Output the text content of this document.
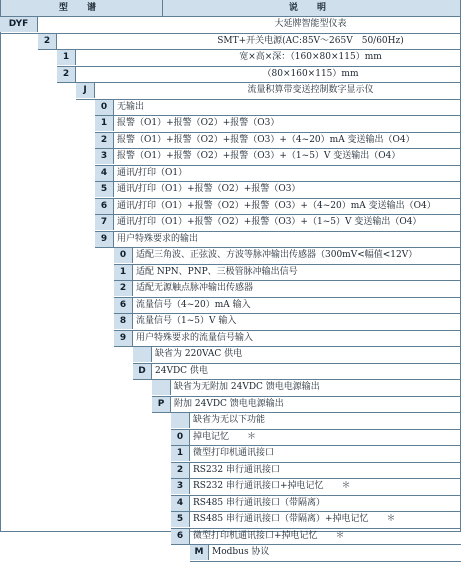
型 谱	说 明
DYF	大延牌智能型仪表
2	SMT+开关电源(AC:85V～265V　50/60Hz)
1	宽×高×深：（160×80×115）mm
2	（80×160×115）mm
J	流量积算带变送控制数字显示仪
0	无输出
1	报警（O1）+报警（O2）+报警（O3）
2	报警（O1）+报警（O2）+报警（O3）+（4~20）mA 变送输出（O4）
3	报警（O1）+报警（O2）+报警（O3）+（1~5）V 变送输出（O4）
4	通讯/打印（O1）
5	通讯/打印（O1）+报警（O2）+报警（O3）
6	通讯/打印（O1）+报警（O2）+报警（O3）+（4~20）mA 变送输出（O4）
7	通讯/打印（O1）+报警（O2）+报警（O3）+（1~5）V 变送输出（O4）
9	用户特殊要求的输出
0	适配三角波、正弦波、方波等脉冲输出传感器（300mV<幅值<12V）
1	适配 NPN、PNP、三极管脉冲输出信号
2	适配无源触点脉冲输出传感器
6	流量信号（4~20）mA 输入
8	流量信号（1~5）V 输入
9	用户特殊要求的流量信号输入
缺省为 220VAC 供电
D	24VDC 供电
缺省为无附加 24VDC 馈电电源输出
P	附加 24VDC 馈电电源输出
缺省为无以下功能
0	掉电记忆　　＊
1	微型打印机通讯接口
2	RS232 串行通讯接口
3	RS232 串行通讯接口+掉电记忆　　＊
4	RS485 串行通讯接口（带隔离）
5	RS485 串行通讯接口（带隔离）+掉电记忆　　＊
6	微型打印机通讯接口+掉电记忆　　＊
M Modbus 协议
